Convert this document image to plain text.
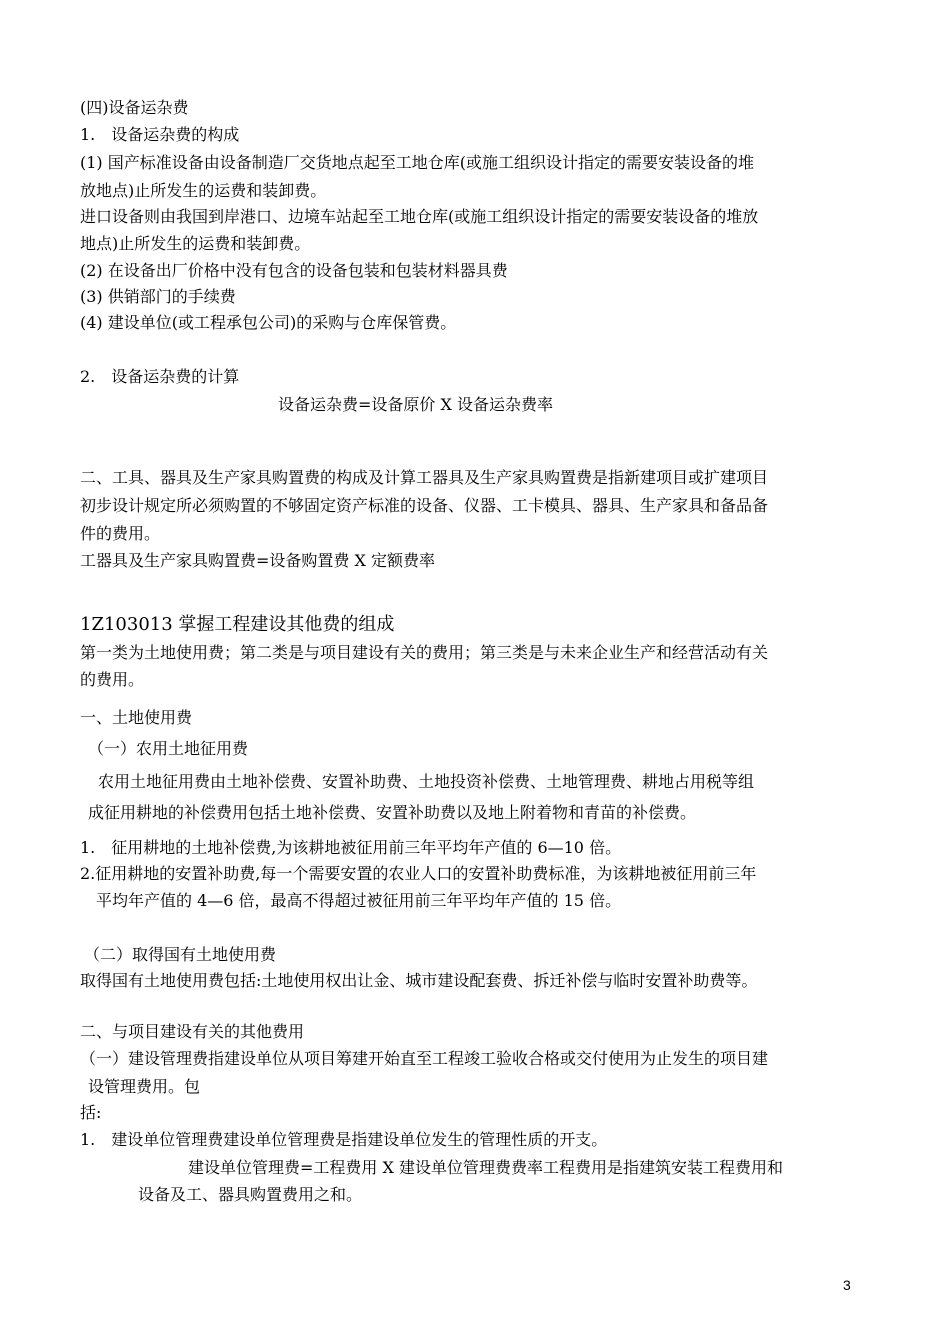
(四)设备运杂费
1.　设备运杂费的构成
(1) 国产标准设备由设备制造厂交货地点起至工地仓库(或施工组织设计指定的需要安装设备的堆
放地点)止所发生的运费和装卸费。
进口设备则由我国到岸港口、边境车站起至工地仓库(或施工组织设计指定的需要安装设备的堆放
地点)止所发生的运费和装卸费。
(2) 在设备出厂价格中没有包含的设备包装和包装材料器具费
(3) 供销部门的手续费
(4) 建设单位(或工程承包公司)的采购与仓库保管费。
2.　设备运杂费的计算
设备运杂费=设备原价 X 设备运杂费率
二、工具、器具及生产家具购置费的构成及计算工器具及生产家具购置费是指新建项目或扩建项目
初步设计规定所必须购置的不够固定资产标准的设备、仪器、工卡模具、器具、生产家具和备品备
件的费用。
工器具及生产家具购置费=设备购置费 X 定额费率
1Z103013 掌握工程建设其他费的组成
第一类为土地使用费；第二类是与项目建设有关的费用；第三类是与未来企业生产和经营活动有关
的费用。
一、土地使用费
（一）农用土地征用费
农用土地征用费由土地补偿费、安置补助费、土地投资补偿费、土地管理费、耕地占用税等组
成征用耕地的补偿费用包括土地补偿费、安置补助费以及地上附着物和青苗的补偿费。
1.　征用耕地的土地补偿费,为该耕地被征用前三年平均年产值的 6—10 倍。
2.征用耕地的安置补助费,每一个需要安置的农业人口的安置补助费标准，为该耕地被征用前三年
平均年产值的 4—6 倍，最高不得超过被征用前三年平均年产值的 15 倍。
（二）取得国有土地使用费
取得国有土地使用费包括:土地使用权出让金、城市建设配套费、拆迁补偿与临时安置补助费等。
二、与项目建设有关的其他费用
（一）建设管理费指建设单位从项目筹建开始直至工程竣工验收合格或交付使用为止发生的项目建
设管理费用。包
括:
1.　建设单位管理费建设单位管理费是指建设单位发生的管理性质的开支。
建设单位管理费=工程费用 X 建设单位管理费费率工程费用是指建筑安装工程费用和
设备及工、器具购置费用之和。
3
